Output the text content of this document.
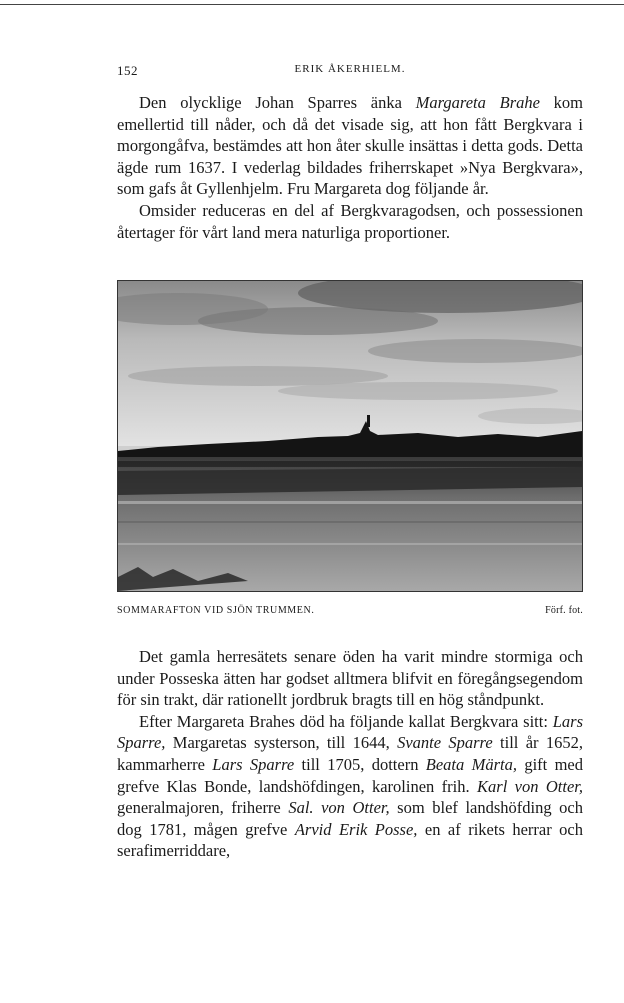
152	ERIK ÅKERHIELM.

Den olycklige Johan Sparres änka Margareta Brahe kom emellertid till nåder, och då det visade sig, att hon fått Bergkvara i morgongåfva, bestämdes att hon åter skulle insättas i detta gods. Detta ägde rum 1637. I vederlag bildades friherrskapet »Nya Bergkvara», som gafs åt Gyllenhjelm. Fru Margareta dog följande år.

Omsider reduceras en del af Bergkvaragodsen, och possessionen återtager för vårt land mera naturliga proportioner.

SOMMARAFTON VID SJÖN TRUMMEN.	Förf. fot.

Det gamla herresätets senare öden ha varit mindre stormiga och under Posseska ätten har godset alltmera blifvit en föregångsegendom för sin trakt, där rationellt jordbruk bragts till en hög ståndpunkt.

Efter Margareta Brahes död ha följande kallat Bergkvara sitt: Lars Sparre, Margaretas systerson, till 1644, Svante Sparre till år 1652, kammarherre Lars Sparre till 1705, dottern Beata Märta, gift med grefve Klas Bonde, landshöfdingen, karolinen frih. Karl von Otter, generalmajoren, friherre Sal. von Otter, som blef landshöfding och dog 1781, mågen grefve Arvid Erik Posse, en af rikets herrar och serafimerriddare,
